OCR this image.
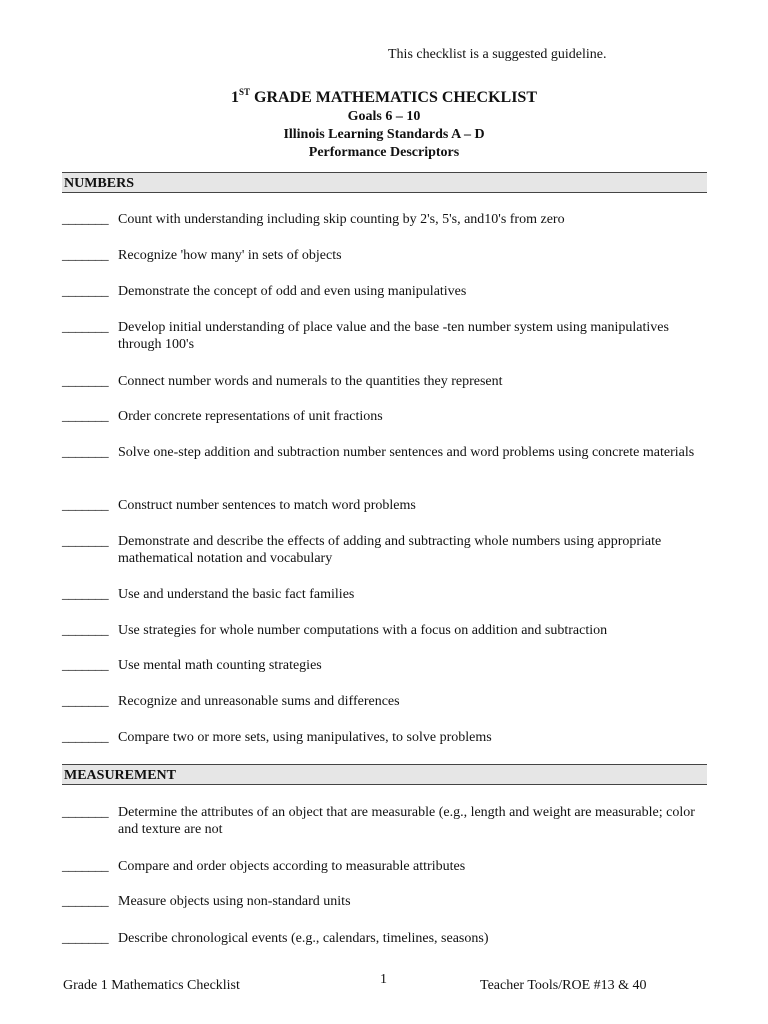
This checklist is a suggested guideline.

1ST GRADE MATHEMATICS CHECKLIST

Goals 6 – 10

Illinois Learning Standards A – D

Performance Descriptors

NUMBERS
_______ Count with understanding including skip counting by 2's, 5's, and10's from zero
_______ Recognize 'how many' in sets of objects
_______ Demonstrate the concept of odd and even using manipulatives
_______ Develop initial understanding of place value and the base -ten number system using manipulatives through 100's
_______ Connect number words and numerals to the quantities they represent
_______ Order concrete representations of unit fractions
_______ Solve one-step addition and subtraction number sentences and word problems using concrete materials
_______ Construct number sentences to match word problems
_______ Demonstrate and describe the effects of adding and subtracting whole numbers using appropriate mathematical notation and vocabulary
_______ Use and understand the basic fact families
_______ Use strategies for whole number computations with a focus on addition and subtraction
_______ Use mental math counting strategies
_______ Recognize and unreasonable sums and differences
_______ Compare two or more sets, using manipulatives, to solve problems
MEASUREMENT
_______ Determine the attributes of an object that are measurable (e.g., length and weight are measurable; color and texture are not
_______ Compare and order objects according to measurable attributes
_______ Measure objects using non-standard units
_______ Describe chronological events (e.g., calendars, timelines, seasons)
Grade 1 Mathematics Checklist	1	Teacher Tools/ROE #13 & 40
